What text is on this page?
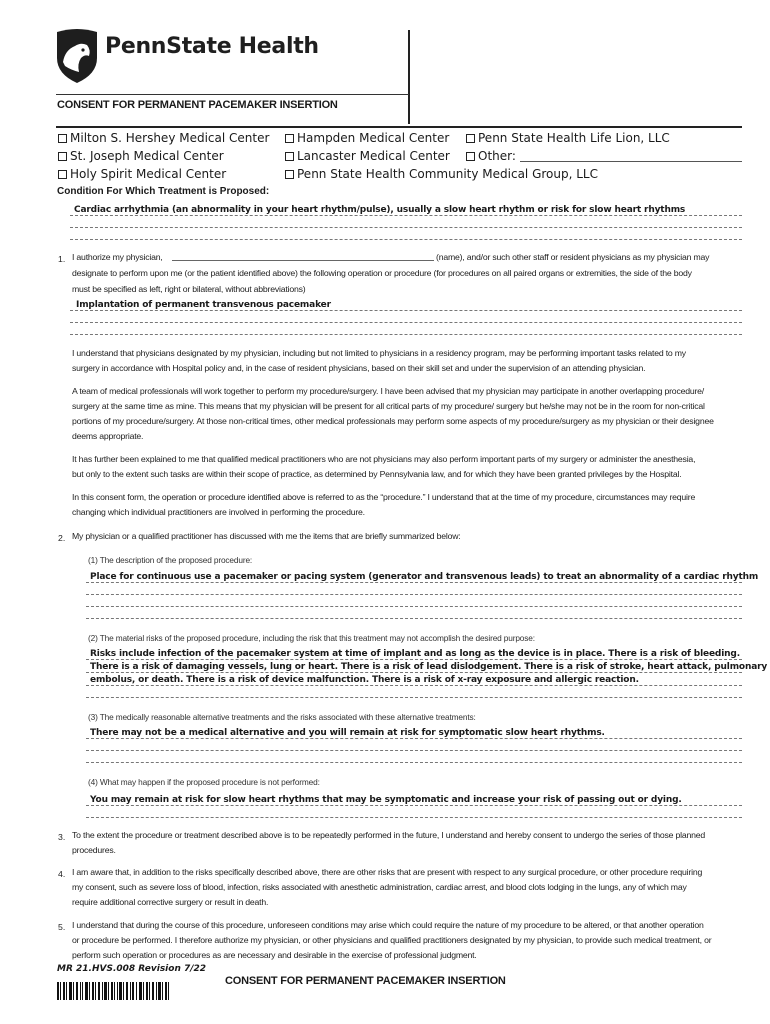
PennState Health
CONSENT FOR PERMANENT PACEMAKER INSERTION
Milton S. Hershey Medical Center
St. Joseph Medical Center
Holy Spirit Medical Center
Hampden Medical Center
Lancaster Medical Center
Penn State Health Community Medical Group, LLC
Penn State Health Life Lion, LLC
Other:
Condition For Which Treatment is Proposed:
Cardiac arrhythmia (an abnormality in your heart rhythm/pulse), usually a slow heart rhythm or risk for slow heart rhythms
1. I authorize my physician,	(name), and/or such other staff or resident physicians as my physician may
designate to perform upon me (or the patient identified above) the following operation or procedure (for procedures on all paired organs or extremities, the side of the body
must be specified as left, right or bilateral, without abbreviations)
Implantation of permanent transvenous pacemaker
I understand that physicians designated by my physician, including but not limited to physicians in a residency program, may be performing important tasks related to my
surgery in accordance with Hospital policy and, in the case of resident physicians, based on their skill set and under the supervision of an attending physician.
A team of medical professionals will work together to perform my procedure/surgery. I have been advised that my physician may participate in another overlapping procedure/
surgery at the same time as mine. This means that my physician will be present for all critical parts of my procedure/ surgery but he/she may not be in the room for non-critical
portions of my procedure/surgery. At those non-critical times, other medical professionals may perform some aspects of my procedure/surgery as my physician or their designee
deems appropriate.
It has further been explained to me that qualified medical practitioners who are not physicians may also perform important parts of my surgery or administer the anesthesia,
but only to the extent such tasks are within their scope of practice, as determined by Pennsylvania law, and for which they have been granted privileges by the Hospital.
In this consent form, the operation or procedure identified above is referred to as the “procedure.” I understand that at the time of my procedure, circumstances may require
changing which individual practitioners are involved in performing the procedure.
2. My physician or a qualified practitioner has discussed with me the items that are briefly summarized below:
(1) The description of the proposed procedure:
Place for continuous use a pacemaker or pacing system (generator and transvenous leads) to treat an abnormality of a cardiac rhythm
(2) The material risks of the proposed procedure, including the risk that this treatment may not accomplish the desired purpose:
Risks include infection of the pacemaker system at time of implant and as long as the device is in place. There is a risk of bleeding.
There is a risk of damaging vessels, lung or heart. There is a risk of lead dislodgement. There is a risk of stroke, heart attack, pulmonary
embolus, or death. There is a risk of device malfunction. There is a risk of x-ray exposure and allergic reaction.
(3) The medically reasonable alternative treatments and the risks associated with these alternative treatments:
There may not be a medical alternative and you will remain at risk for symptomatic slow heart rhythms.
(4) What may happen if the proposed procedure is not performed:
You may remain at risk for slow heart rhythms that may be symptomatic and increase your risk of passing out or dying.
3. To the extent the procedure or treatment described above is to be repeatedly performed in the future, I understand and hereby consent to undergo the series of those planned
procedures.
4. I am aware that, in addition to the risks specifically described above, there are other risks that are present with respect to any surgical procedure, or other procedure requiring
my consent, such as severe loss of blood, infection, risks associated with anesthetic administration, cardiac arrest, and blood clots lodging in the lungs, any of which may
require additional corrective surgery or result in death.
5. I understand that during the course of this procedure, unforeseen conditions may arise which could require the nature of my procedure to be altered, or that another operation
or procedure be performed. I therefore authorize my physician, or other physicians and qualified practitioners designated by my physician, to provide such medical treatment, or
perform such operation or procedures as are necessary and desirable in the exercise of professional judgment.
MR 21.HVS.008 Revision 7/22
CONSENT FOR PERMANENT PACEMAKER INSERTION
